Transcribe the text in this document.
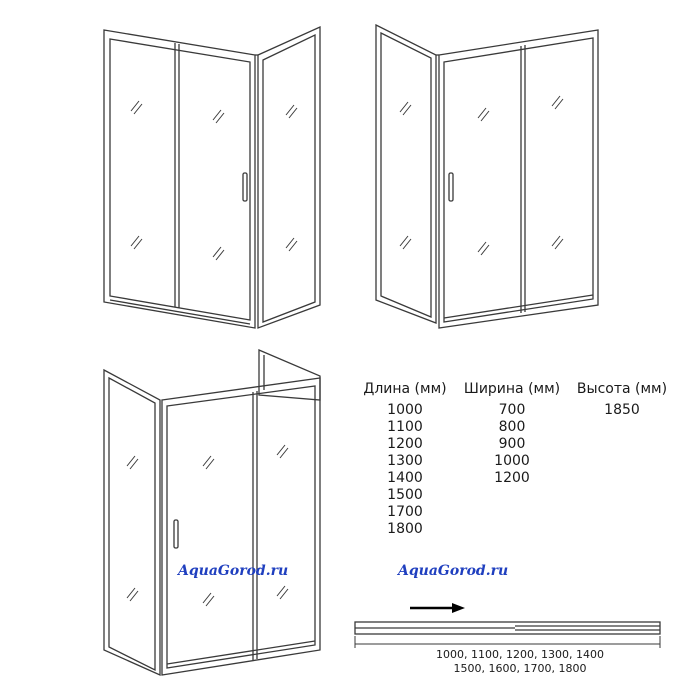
AquaGorod.ru	AquaGorod.ru
Длина (мм)
1000
1100
1200
1300
1400
1500
1700
1800
Ширина (мм)
700
800
900
1000
1200
Высота (мм)
1850
1000, 1100, 1200, 1300, 1400
1500, 1600, 1700, 1800
